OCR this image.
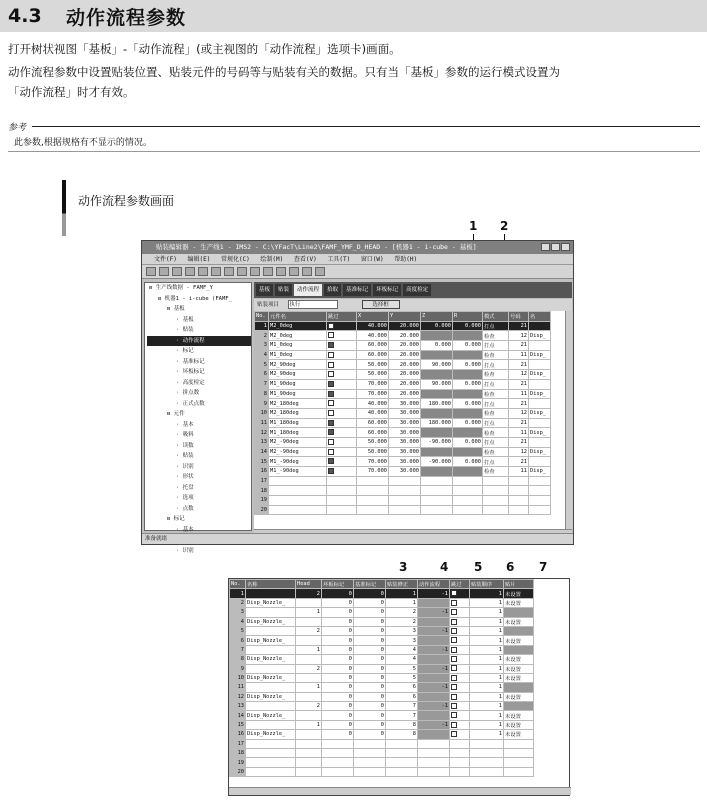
4.3	动作流程参数
打开树状视图「基板」-「动作流程」(或主视图的「动作流程」选项卡)画面。
动作流程参数中设置贴装位置、贴装元件的号码等与贴装有关的数据。只有当「基板」参数的运行模式设置为
「动作流程」时才有效。
参考
此参数,根据规格有不显示的情况。
动作流程参数画面
1 2
贴装编辑器 - 生产线1 - IMS2 - C:\YFacT\Line2\FAMF_YMF_D_HEAD - [机器1 - i-cube - 基板]
文件(F) 编辑(E) 常规化(C) 绘制(M) 查看(V) 工具(T) 窗口(W) 帮助(H)
⊟ 生产线数据 - FAMF_Y
⊟ 机器1 - i-cube (FAMF_
⊟ 基板
· 基板
· 贴装
· 动作流程
· 标记
· 基准标记
· 坏板标记
· 高度检定
· 拼点数
· 正式点数
⊟ 元件
· 基本
· 吸料
· 读数
· 贴装
· 识别
· 形状
· 托盘
· 选项
· 点数
⊟ 标记
· 基本
· 识别
基板	贴装	动作流程	拾取	基准标记	坏板标记	高度检定
贴装项目 执行	选择框
No.	元件名	跳过	X	Y	Z	R	模式	号码	名
1	M2_0deg		40.000	20.000	0.000	0.000	打点	21	
2	M2_0deg		40.000	20.000			检查	12	Disp_
3	M1_0deg		60.000	20.000	0.000	0.000	打点	21	
4	M1_0deg		60.000	20.000			检查	11	Disp_
5	M2_90deg		50.000	20.000	90.000	0.000	打点	21	
6	M2_90deg		50.000	20.000			检查	12	Disp_
7	M1_90deg		70.000	20.000	90.000	0.000	打点	21	
8	M1_90deg		70.000	20.000			检查	11	Disp_
9	M2_180deg		40.000	30.000	180.000	0.000	打点	21	
10	M2_180deg		40.000	30.000			检查	12	Disp_
11	M1_180deg		60.000	30.000	180.000	0.000	打点	21	
12	M1_180deg		60.000	30.000			检查	11	Disp_
13	M2_-90deg		50.000	30.000	-90.000	0.000	打点	21	
14	M2_-90deg		50.000	30.000			检查	12	Disp_
15	M1_-90deg		70.000	30.000	-90.000	0.000	打点	21	
16	M1_-90deg		70.000	30.000			检查	11	Disp_
17									
18									
19									
20									
准备就绪
3	4 5 6 7
No.	名称	Head	坏板标记	基准标记	贴装修正	动作流程	跳过	贴装顺序	贴片
1		2	0	0	1	-1		1	未设置
2	Disp_Nozzle_		0	0	1			1	未设置
3		1	0	0	2	-1		1	
4	Disp_Nozzle_		0	0	2			1	未设置
5		2	0	0	3	-1		1	
6	Disp_Nozzle_		0	0	3			1	未设置
7		1	0	0	4	-1		1	
8	Disp_Nozzle_		0	0	4			1	未设置
9		2	0	0	5	-1		1	未设置
10	Disp_Nozzle_		0	0	5			1	未设置
11		1	0	0	6	-1		1	
12	Disp_Nozzle_		0	0	6			1	未设置
13		2	0	0	7	-1		1	
14	Disp_Nozzle_		0	0	7			1	未设置
15		1	0	0	8	-1		1	未设置
16	Disp_Nozzle_		0	0	8			1	未设置
17									
18									
19									
20									
